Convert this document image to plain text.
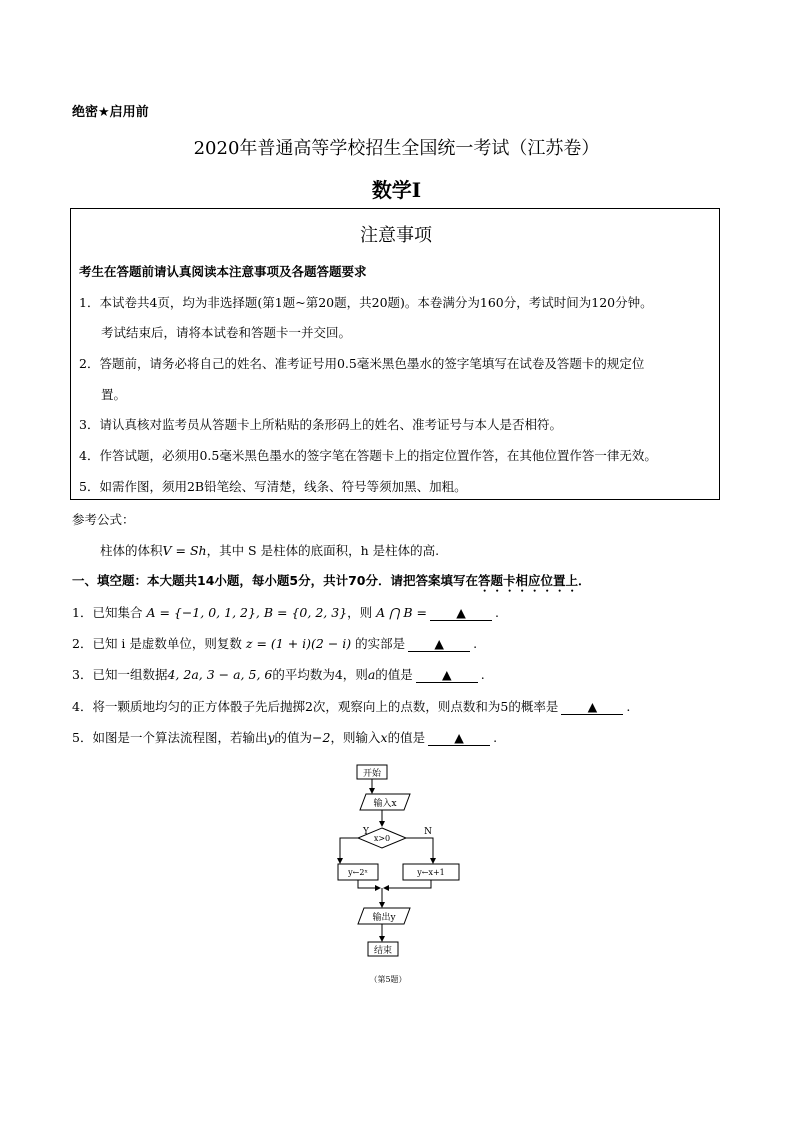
绝密★启用前
2020年普通高等学校招生全国统一考试（江苏卷）
数学Ⅰ
注意事项
考生在答题前请认真阅读本注意事项及各题答题要求
1．本试卷共4页，均为非选择题(第1题~第20题，共20题)。本卷满分为160分，考试时间为120分钟。
考试结束后，请将本试卷和答题卡一并交回。
2．答题前，请务必将自己的姓名、准考证号用0.5毫米黑色墨水的签字笔填写在试卷及答题卡的规定位
置。
3．请认真核对监考员从答题卡上所粘贴的条形码上的姓名、准考证号与本人是否相符。
4．作答试题，必须用0.5毫米黑色墨水的签字笔在答题卡上的指定位置作答，在其他位置作答一律无效。
5．如需作图，须用2B铅笔绘、写清楚，线条、符号等须加黑、加粗。
参考公式：
柱体的体积V = Sh，其中 S 是柱体的底面积，h 是柱体的高.
一、填空题：本大题共14小题，每小题5分，共计70分．请把答案填写在答题卡相应位置上．
1．已知集合 A = {−1, 0, 1, 2}, B = {0, 2, 3}，则 A ⋂ B = ▲ .
2．已知 i 是虚数单位，则复数 z = (1 + i)(2 − i) 的实部是 ▲ .
3．已知一组数据4, 2a, 3 − a, 5, 6的平均数为4，则a的值是 ▲ .
4．将一颗质地均匀的正方体骰子先后抛掷2次，观察向上的点数，则点数和为5的概率是 ▲ .
5．如图是一个算法流程图，若输出y的值为−2，则输入x的值是 ▲ .
开始
输入x
x>0
Y	N
y←2ˣ	y←x+1
输出y
结束
（第5题）
